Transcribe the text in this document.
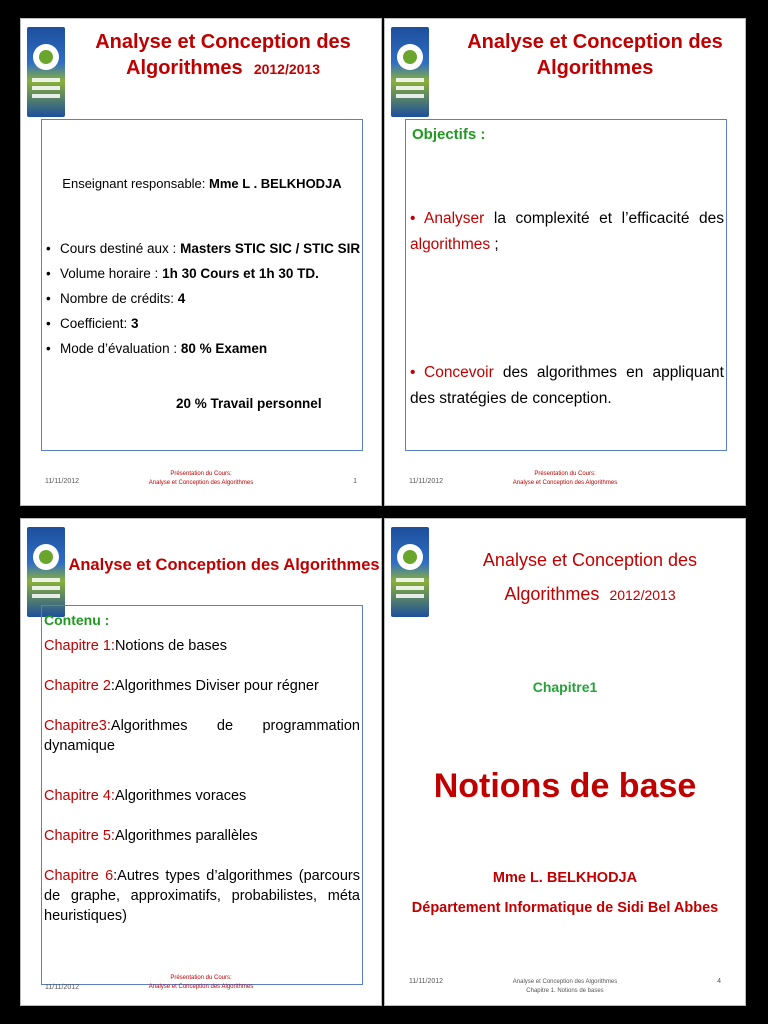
Analyse et Conception des
Algorithmes 2012/2013
Enseignant responsable: Mme L . BELKHODJA
• Cours destiné aux : Masters STIC SIC / STIC SIR
• Volume horaire : 1h 30 Cours et 1h 30 TD.
• Nombre de crédits: 4
• Coefficient: 3
• Mode d’évaluation : 80 % Examen
20 % Travail personnel
11/11/2012
Présentation du Cours:
Analyse et Conception des Algorithmes	1
Analyse et Conception des
Algorithmes
Objectifs :
• Analyser la complexité et l’efficacité des algorithmes ;
• Concevoir des algorithmes en appliquant des stratégies de conception.
11/11/2012
Présentation du Cours:
Analyse et Conception des Algorithmes
Analyse et Conception des Algorithmes
Contenu :
Chapitre 1:Notions de bases
Chapitre 2:Algorithmes Diviser pour régner
Chapitre3:Algorithmes de programmation dynamique
Chapitre 4:Algorithmes voraces
Chapitre 5:Algorithmes parallèles
Chapitre 6:Autres types d’algorithmes (parcours de graphe, approximatifs, probabilistes, méta heuristiques)
11/11/2012
Présentation du Cours:
Analyse et Conception des Algorithmes
Analyse et Conception des
Algorithmes 2012/2013
Chapitre1
Notions de base
Mme L. BELKHODJA
Département Informatique de Sidi Bel Abbes
11/11/2012	Analyse et Conception des Algorithmes
Chapitre 1. Notions de bases
4
